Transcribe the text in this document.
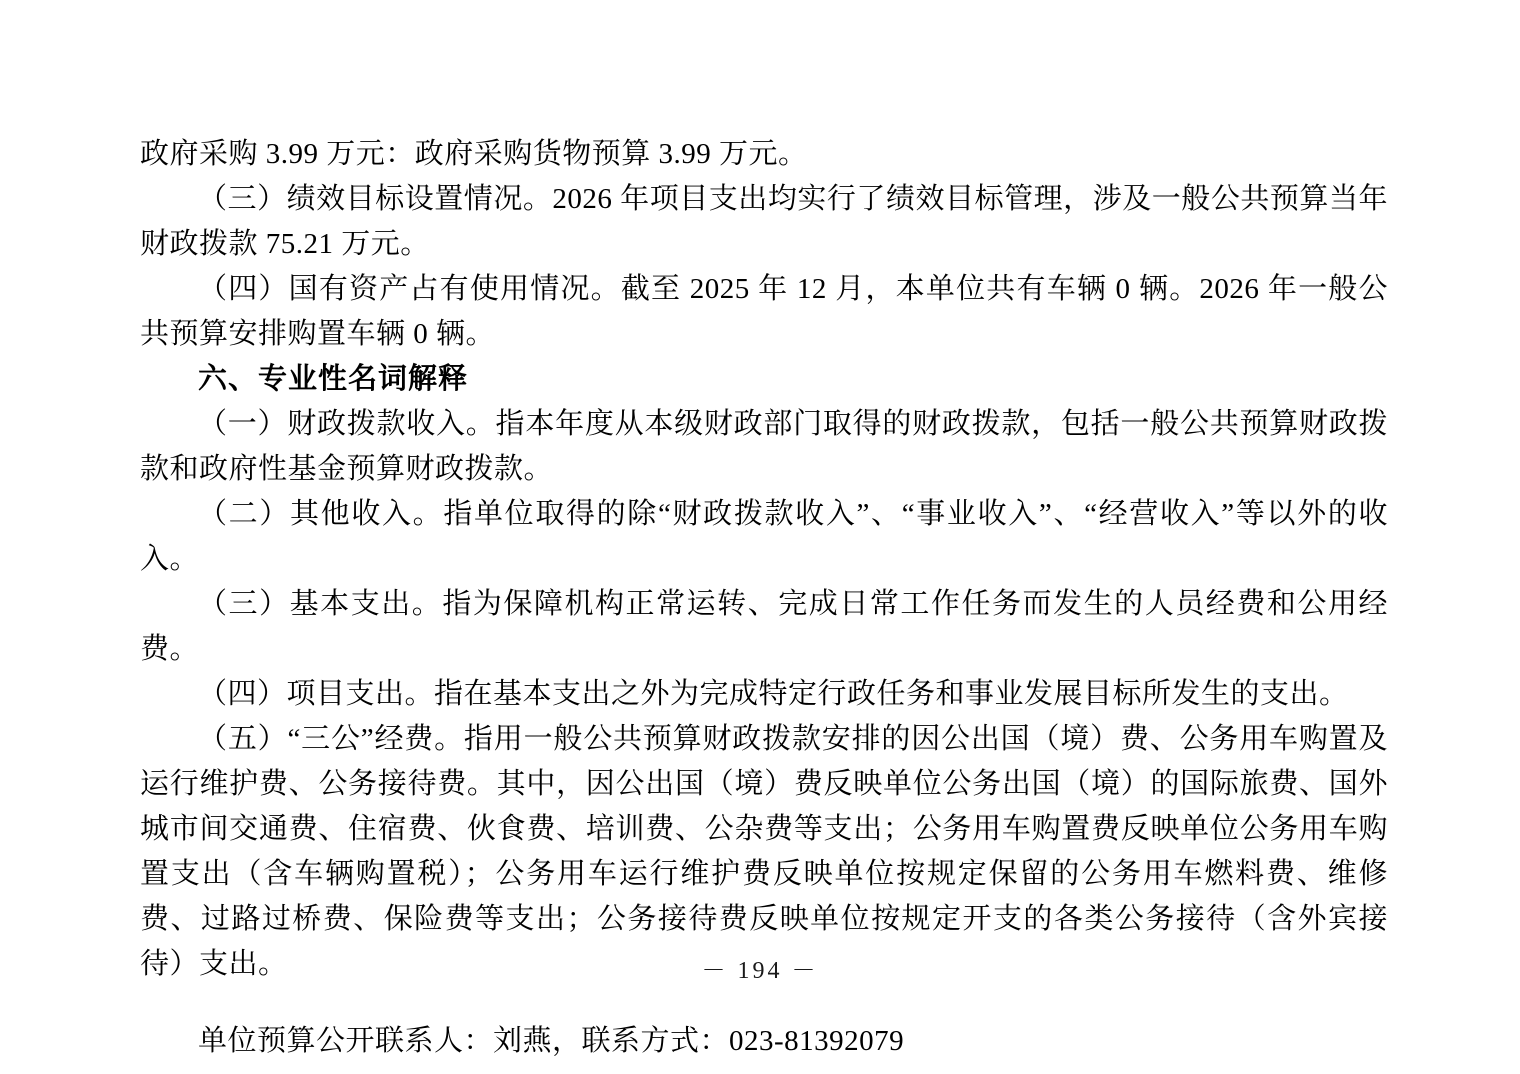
政府采购 3.99 万元：政府采购货物预算 3.99 万元。

（三）绩效目标设置情况。2026 年项目支出均实行了绩效目标管理，涉及一般公共预算当年财政拨款 75.21 万元。

（四）国有资产占有使用情况。截至 2025 年 12 月，本单位共有车辆 0 辆。2026 年一般公共预算安排购置车辆 0 辆。

六、专业性名词解释

（一）财政拨款收入。指本年度从本级财政部门取得的财政拨款，包括一般公共预算财政拨款和政府性基金预算财政拨款。

（二）其他收入。指单位取得的除“财政拨款收入”、“事业收入”、“经营收入”等以外的收入。

（三）基本支出。指为保障机构正常运转、完成日常工作任务而发生的人员经费和公用经费。

（四）项目支出。指在基本支出之外为完成特定行政任务和事业发展目标所发生的支出。

（五）“三公”经费。指用一般公共预算财政拨款安排的因公出国（境）费、公务用车购置及运行维护费、公务接待费。其中，因公出国（境）费反映单位公务出国（境）的国际旅费、国外城市间交通费、住宿费、伙食费、培训费、公杂费等支出；公务用车购置费反映单位公务用车购置支出（含车辆购置税）；公务用车运行维护费反映单位按规定保留的公务用车燃料费、维修费、过路过桥费、保险费等支出；公务接待费反映单位按规定开支的各类公务接待（含外宾接待）支出。

单位预算公开联系人：刘燕，联系方式：023-81392079

－ 194 －
